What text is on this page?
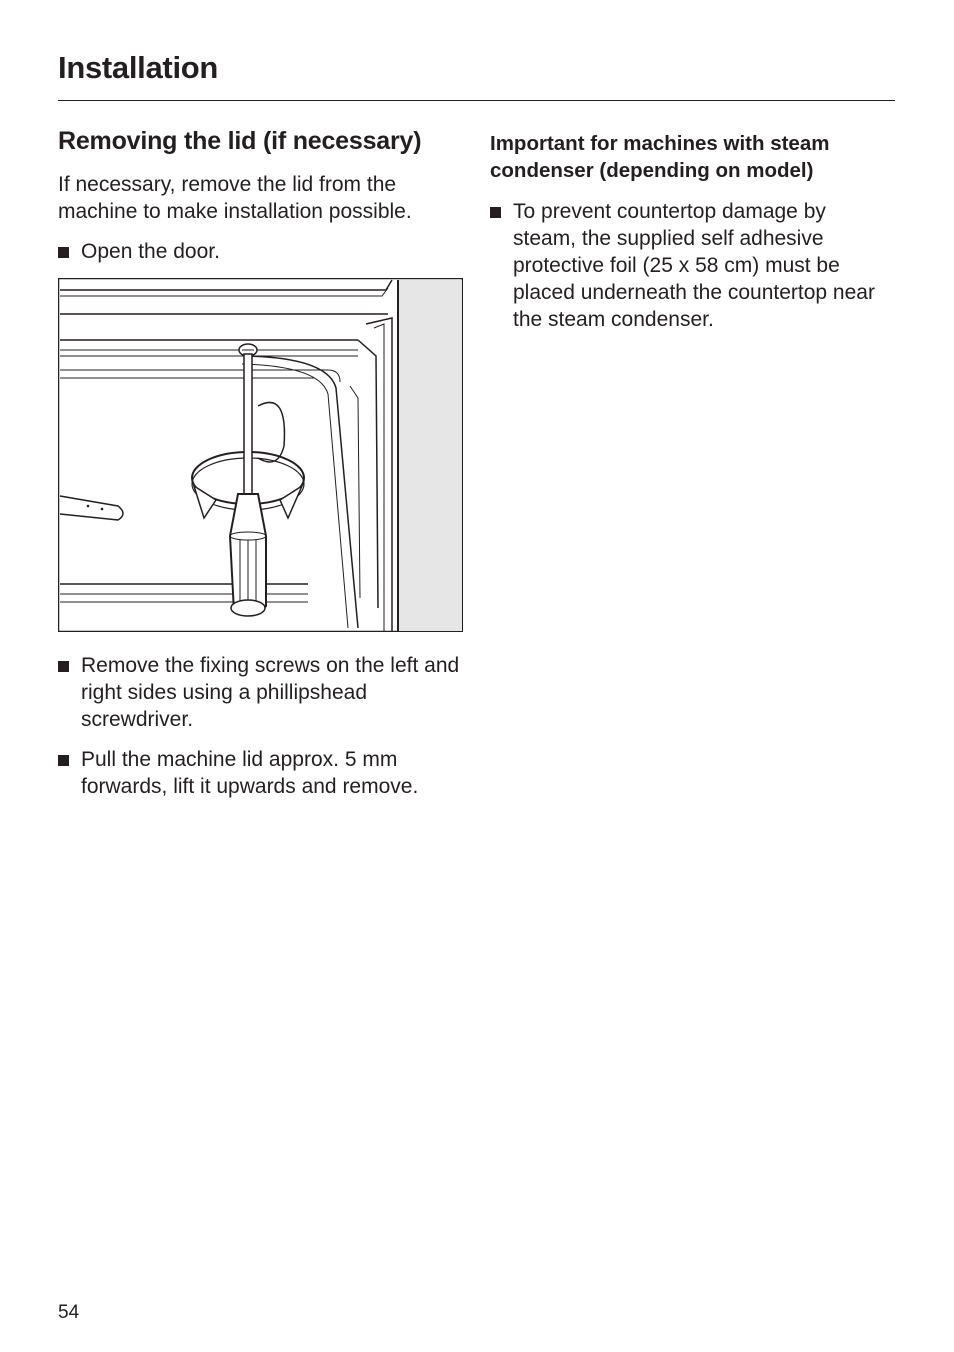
Installation
Removing the lid (if necessary)

If necessary, remove the lid from the machine to make installation possible.

Open the door.
Remove the fixing screws on the left and right sides using a phillipshead screwdriver.
Pull the machine lid approx. 5 mm forwards, lift it upwards and remove.
Important for machines with steam condenser (depending on model)
To prevent countertop damage by steam, the supplied self adhesive protective foil (25 x 58 cm) must be placed underneath the countertop near the steam condenser.
54
